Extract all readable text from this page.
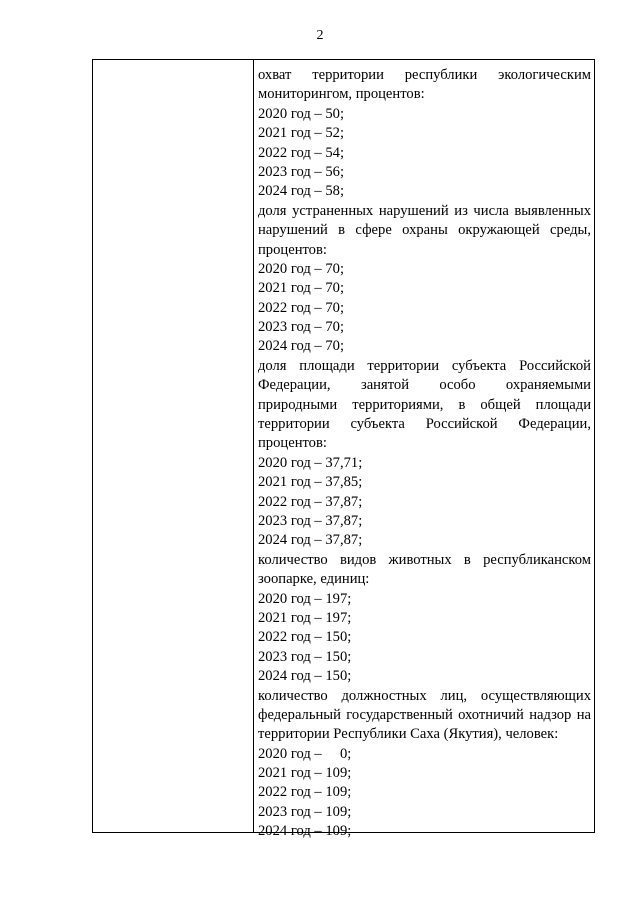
2
охват территории республики экологическим
мониторингом, процентов:
2020 год – 50;
2021 год – 52;
2022 год – 54;
2023 год – 56;
2024 год – 58;
доля устраненных нарушений из числа выявленных
нарушений в сфере охраны окружающей среды,
процентов:
2020 год – 70;
2021 год – 70;
2022 год – 70;
2023 год – 70;
2024 год – 70;
доля площади территории субъекта Российской
Федерации, занятой особо охраняемыми
природными территориями, в общей площади
территории субъекта Российской Федерации,
процентов:
2020 год – 37,71;
2021 год – 37,85;
2022 год – 37,87;
2023 год – 37,87;
2024 год – 37,87;
количество видов животных в республиканском
зоопарке, единиц:
2020 год – 197;
2021 год – 197;
2022 год – 150;
2023 год – 150;
2024 год – 150;
количество должностных лиц, осуществляющих
федеральный государственный охотничий надзор на
территории Республики Саха (Якутия), человек:
2020 год –     0;
2021 год – 109;
2022 год – 109;
2023 год – 109;
2024 год – 109;
